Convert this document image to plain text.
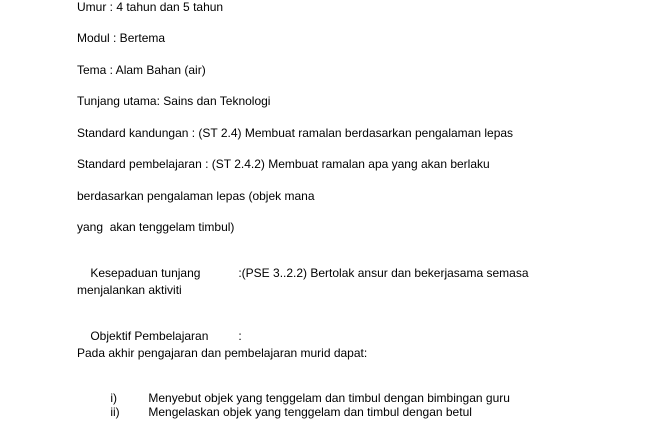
Umur : 4 tahun dan 5 tahun
Modul : Bertema
Tema : Alam Bahan (air)
Tunjang utama: Sains dan Teknologi
Standard kandungan : (ST 2.4) Membuat ramalan berdasarkan pengalaman lepas
Standard pembelajaran : (ST 2.4.2) Membuat ramalan apa yang akan berlaku
berdasarkan pengalaman lepas (objek mana
yang  akan tenggelam timbul)

Kesepaduan tunjang	:(PSE 3..2.2) Bertolak ansur dan bekerjasama semasa

menjalankan aktiviti

Objektif Pembelajaran :

Pada akhir pengajaran dan pembelajaran murid dapat:

i)	Menyebut objek yang tenggelam dan timbul dengan bimbingan guru

ii) Mengelaskan objek yang tenggelam dan timbul dengan betul
